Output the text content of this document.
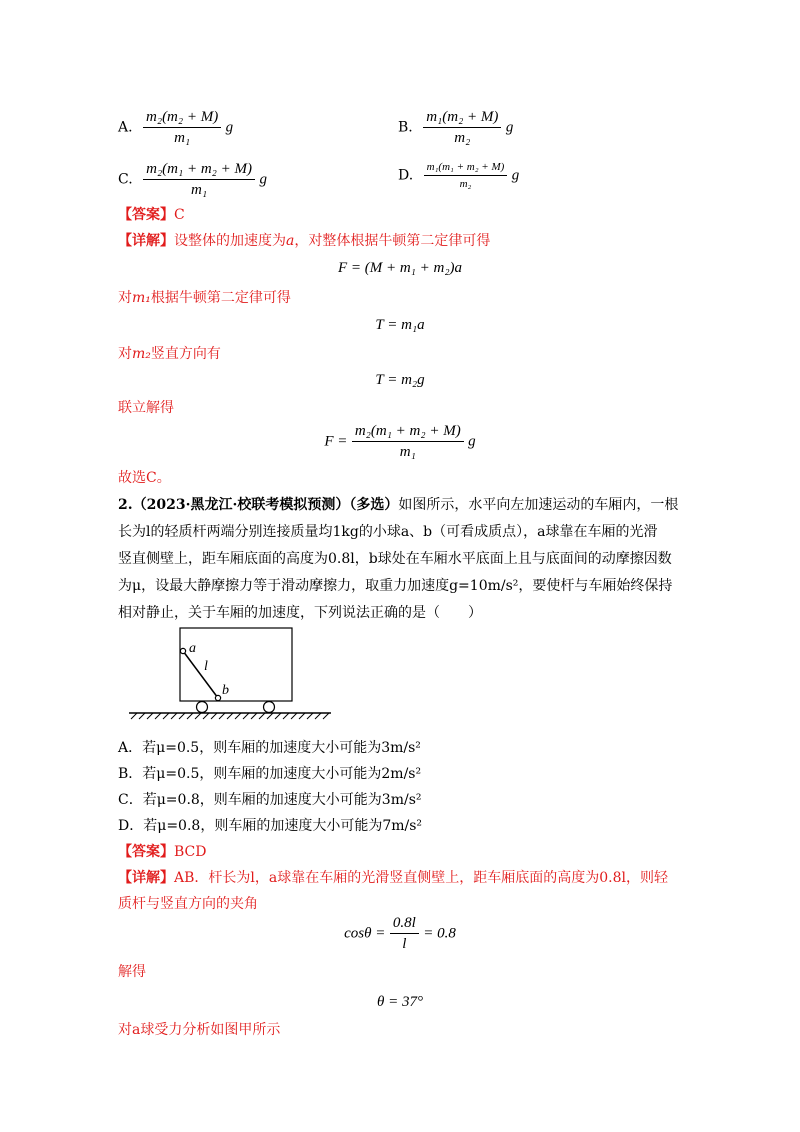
A. $\frac{\text{m₂(m₂ + M)}}{\text{m₁}}$ g	B. $\frac{\text{m₁(m₂ + M)}}{\text{m₂}}$ g
C. $\frac{\text{m₂(m₁ + m₂ + M)}}{\text{m₁}}$ g	D. $\frac{\text{m₁(m₁ + m₂ + M)}}{\text{m₂}}$ g
【答案】C
【详解】设整体的加速度为a，对整体根据牛顿第二定律可得
F = (M + m₁ + m₂)a
对m₁根据牛顿第二定律可得
T = m₁a
对m₂竖直方向有
T = m₂g
联立解得
$F = \frac{\text{m₂(m₁ + m₂ + M)}}{\text{m₁}}$ g
故选C。
2.（2023·黑龙江·校联考模拟预测）（多选）如图所示，水平向左加速运动的车厢内，一根
长为l的轻质杆两端分别连接质量均1kg的小球a、b（可看成质点），a球靠在车厢的光滑
竖直侧壁上，距车厢底面的高度为0.8l，b球处在车厢水平底面上且与底面间的动摩擦因数
为μ，设最大静摩擦力等于滑动摩擦力，取重力加速度g=10m/s²，要使杆与车厢始终保持
相对静止，关于车厢的加速度，下列说法正确的是（　　）
a
l
b
A．若μ=0.5，则车厢的加速度大小可能为3m/s²
B．若μ=0.5，则车厢的加速度大小可能为2m/s²
C．若μ=0.8，则车厢的加速度大小可能为3m/s²
D．若μ=0.8，则车厢的加速度大小可能为7m/s²
【答案】BCD
【详解】AB．杆长为l，a球靠在车厢的光滑竖直侧壁上，距车厢底面的高度为0.8l，则轻
质杆与竖直方向的夹角
$\cos\theta = \frac{0.8l}{l} = 0.8$
解得
θ = 37°
对a球受力分析如图甲所示
